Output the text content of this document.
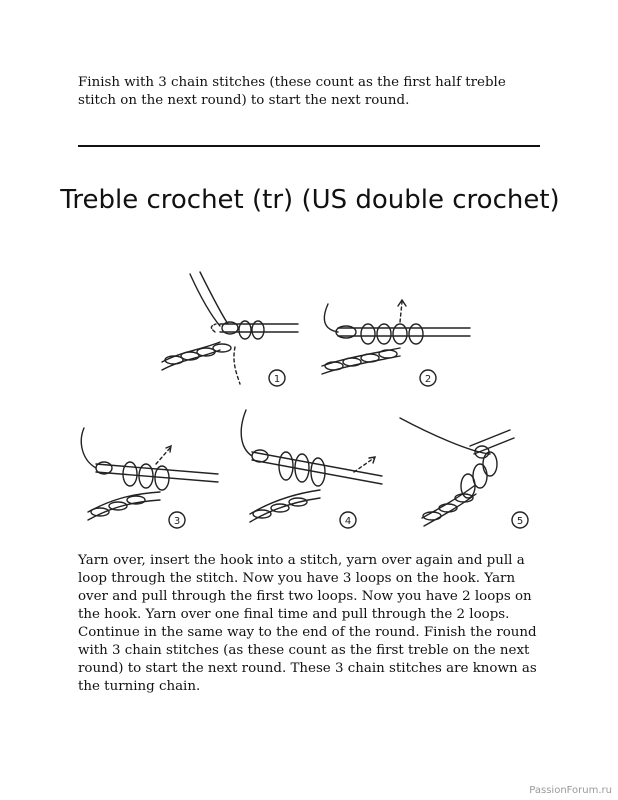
Finish with 3 chain stitches (these count as the first half treble stitch on the next round) to start the next round.

Treble crochet (tr) (US double crochet)
1	2
3	4	5

Yarn over, insert the hook into a stitch, yarn over again and pull a loop through the stitch. Now you have 3 loops on the hook. Yarn over and pull through the first two loops. Now you have 2 loops on the hook. Yarn over one final time and pull through the 2 loops. Continue in the same way to the end of the round. Finish the round with 3 chain stitches (as these count as the first treble on the next round) to start the next round. These 3 chain stitches are known as the turning chain.

PassionForum.ru
